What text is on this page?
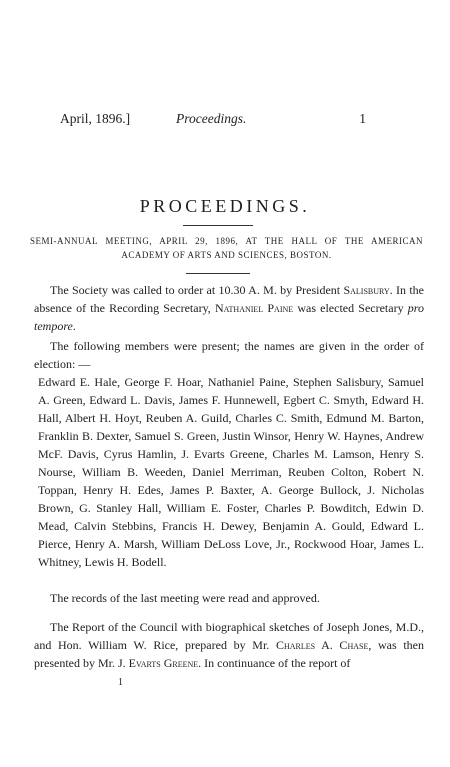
April, 1896.]	Proceedings.	1
PROCEEDINGS.
SEMI-ANNUAL MEETING, APRIL 29, 1896, AT THE HALL OF THE AMERICAN ACADEMY OF ARTS AND SCIENCES, BOSTON.

The Society was called to order at 10.30 A. M. by President Salisbury. In the absence of the Recording Secretary, Nathaniel Paine was elected Secretary pro tempore.

The following members were present; the names are given in the order of election: —

Edward E. Hale, George F. Hoar, Nathaniel Paine, Stephen Salisbury, Samuel A. Green, Edward L. Davis, James F. Hunnewell, Egbert C. Smyth, Edward H. Hall, Albert H. Hoyt, Reuben A. Guild, Charles C. Smith, Edmund M. Barton, Franklin B. Dexter, Samuel S. Green, Justin Winsor, Henry W. Haynes, Andrew McF. Davis, Cyrus Hamlin, J. Evarts Greene, Charles M. Lamson, Henry S. Nourse, William B. Weeden, Daniel Merriman, Reuben Colton, Robert N. Toppan, Henry H. Edes, James P. Baxter, A. George Bullock, J. Nicholas Brown, G. Stanley Hall, William E. Foster, Charles P. Bowditch, Edwin D. Mead, Calvin Stebbins, Francis H. Dewey, Benjamin A. Gould, Edward L. Pierce, Henry A. Marsh, William DeLoss Love, Jr., Rockwood Hoar, James L. Whitney, Lewis H. Bodell.

The records of the last meeting were read and approved.

The Report of the Council with biographical sketches of Joseph Jones, M.D., and Hon. William W. Rice, prepared by Mr. Charles A. Chase, was then presented by Mr. J. Evarts Greene. In continuance of the report of

1
